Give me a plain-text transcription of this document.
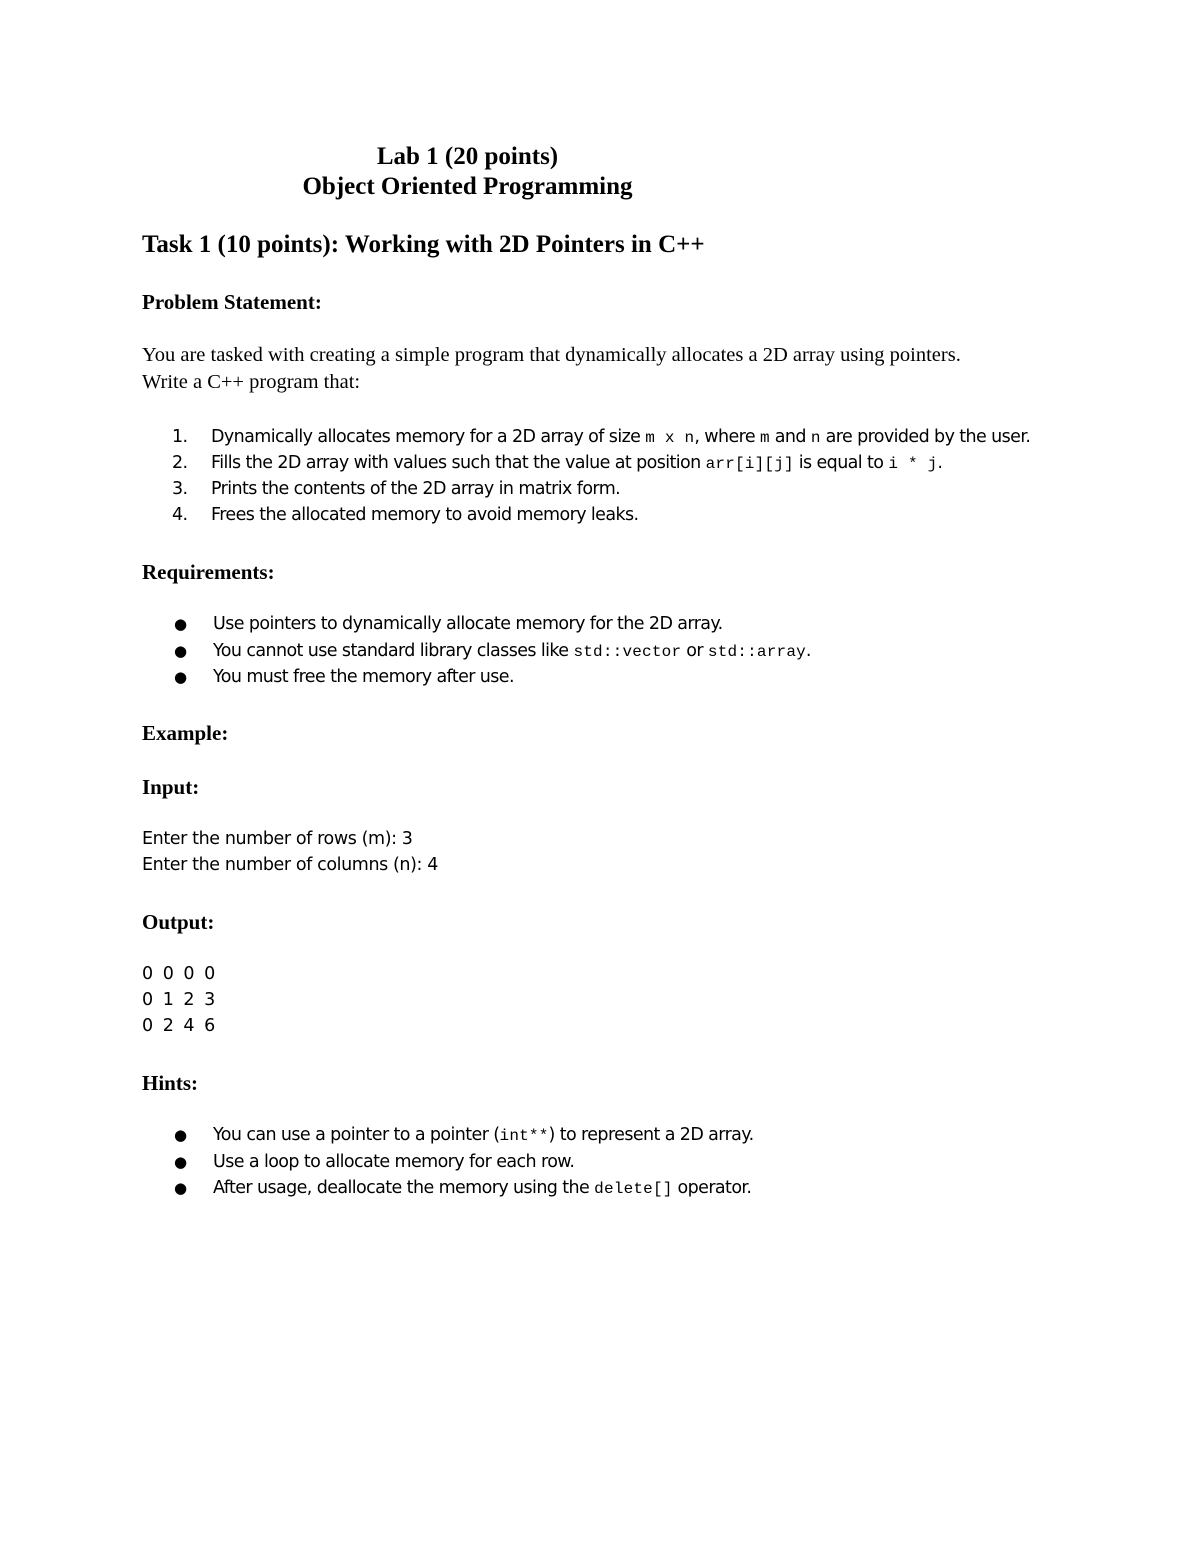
Lab 1 (20 points)
Object Oriented Programming
Task 1 (10 points): Working with 2D Pointers in C++
Problem Statement:
You are tasked with creating a simple program that dynamically allocates a 2D array using pointers.
Write a C++ program that:
1. Dynamically allocates memory for a 2D array of size m x n, where m and n are provided by the user.
2. Fills the 2D array with values such that the value at position arr[i][j] is equal to i * j.
3. Prints the contents of the 2D array in matrix form.
4. Frees the allocated memory to avoid memory leaks.
Requirements:
● Use pointers to dynamically allocate memory for the 2D array.
● You cannot use standard library classes like std::vector or std::array.
● You must free the memory after use.
Example:
Input:
Enter the number of rows (m): 3
Enter the number of columns (n): 4
Output:
0 0 0 0
0 1 2 3
0 2 4 6
Hints:
● You can use a pointer to a pointer (int**) to represent a 2D array.
● Use a loop to allocate memory for each row.
● After usage, deallocate the memory using the delete[] operator.
